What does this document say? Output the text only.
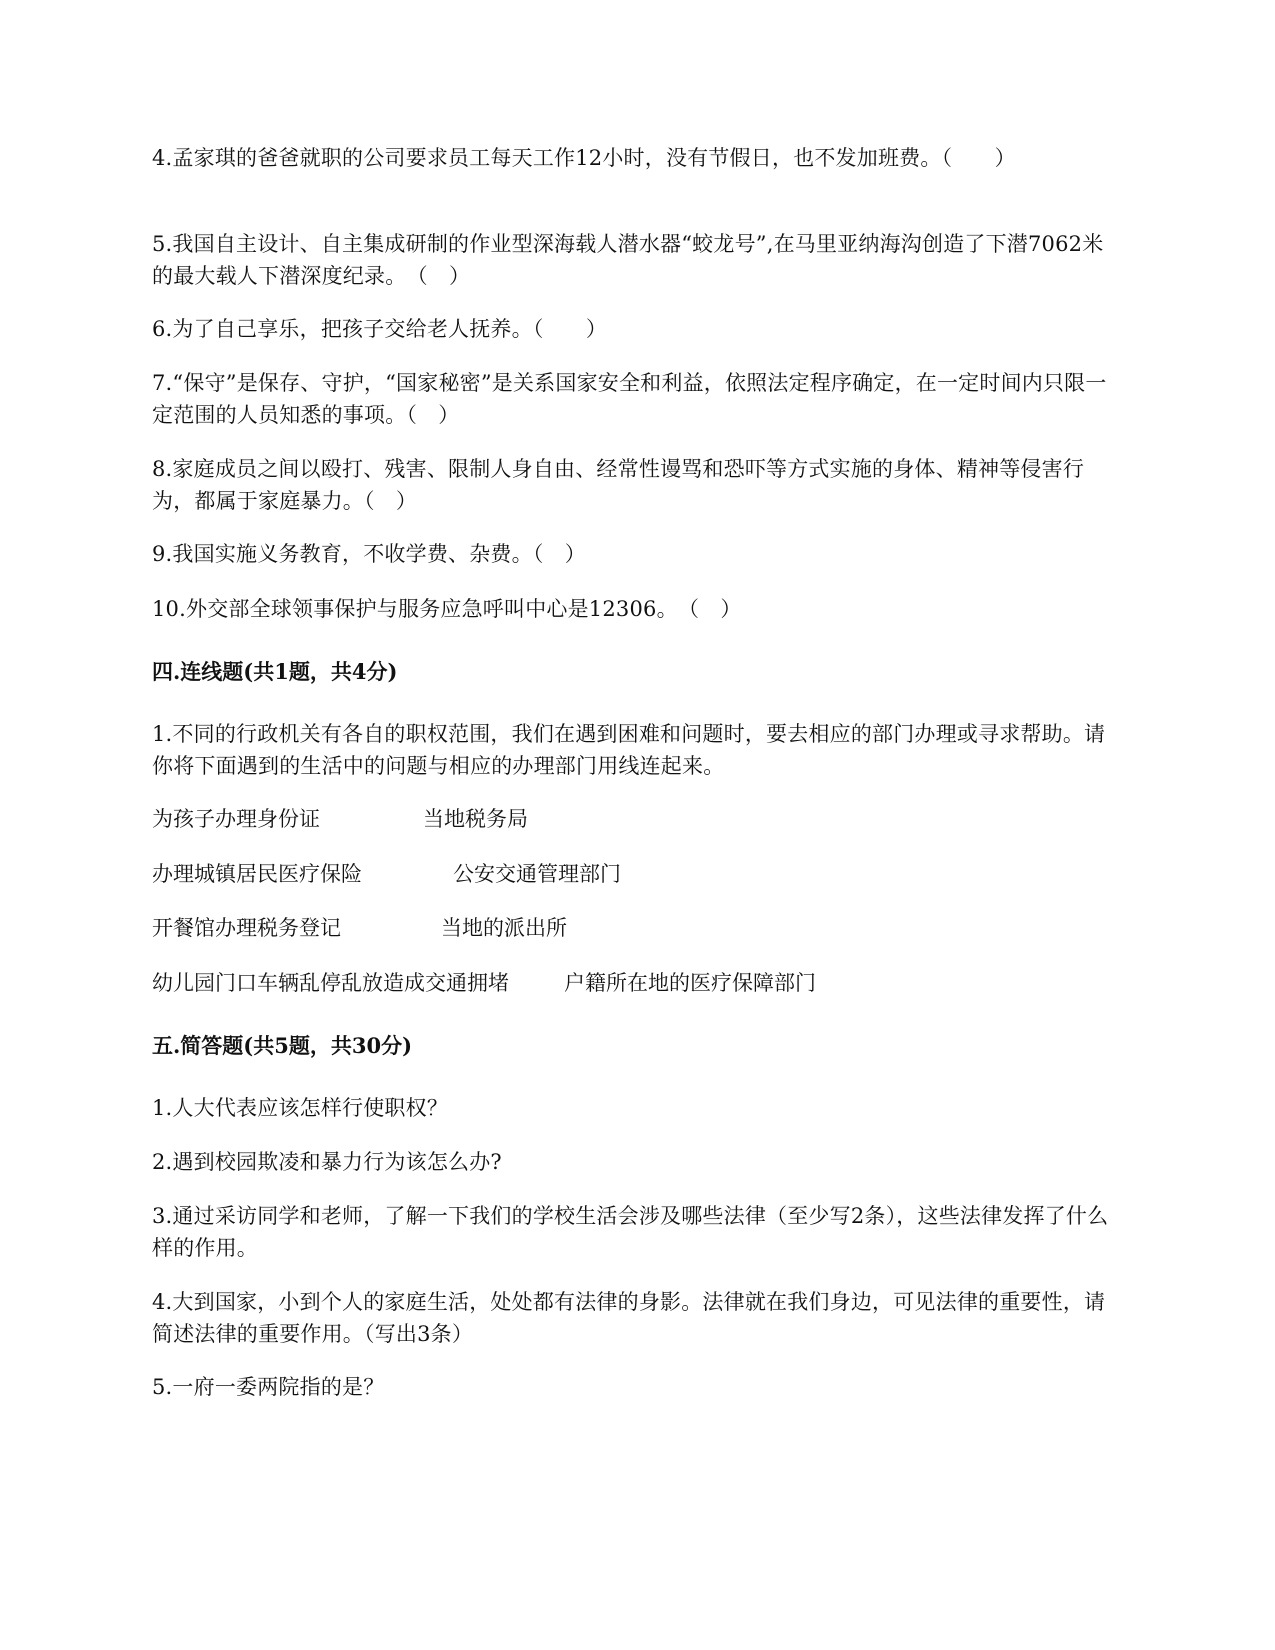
4.孟家琪的爸爸就职的公司要求员工每天工作12小时，没有节假日，也不发加班费。（　　）

5.我国自主设计、自主集成研制的作业型深海载人潜水器“蛟龙号”,在马里亚纳海沟创造了下潜7062米的最大载人下潜深度纪录。　（　）

6.为了自己享乐，把孩子交给老人抚养。（　　）

7.“保守”是保存、守护，“国家秘密”是关系国家安全和利益，依照法定程序确定，在一定时间内只限一定范围的人员知悉的事项。（　）

8.家庭成员之间以殴打、残害、限制人身自由、经常性谩骂和恐吓等方式实施的身体、精神等侵害行为，都属于家庭暴力。（　）

9.我国实施义务教育，不收学费、杂费。（　）

10.外交部全球领事保护与服务应急呼叫中心是12306。　（　）

四.连线题(共1题，共4分)

1.不同的行政机关有各自的职权范围，我们在遇到困难和问题时，要去相应的部门办理或寻求帮助。请你将下面遇到的生活中的问题与相应的办理部门用线连起来。

为孩子办理身份证	当地税务局
办理城镇居民医疗保险	公安交通管理部门
开餐馆办理税务登记	当地的派出所
幼儿园门口车辆乱停乱放造成交通拥堵	户籍所在地的医疗保障部门

五.简答题(共5题，共30分)

1.人大代表应该怎样行使职权？

2.遇到校园欺凌和暴力行为该怎么办?

3.通过采访同学和老师，了解一下我们的学校生活会涉及哪些法律（至少写2条），这些法律发挥了什么样的作用。

4.大到国家，小到个人的家庭生活，处处都有法律的身影。法律就在我们身边，可见法律的重要性，请简述法律的重要作用。（写出3条）

5.一府一委两院指的是？
